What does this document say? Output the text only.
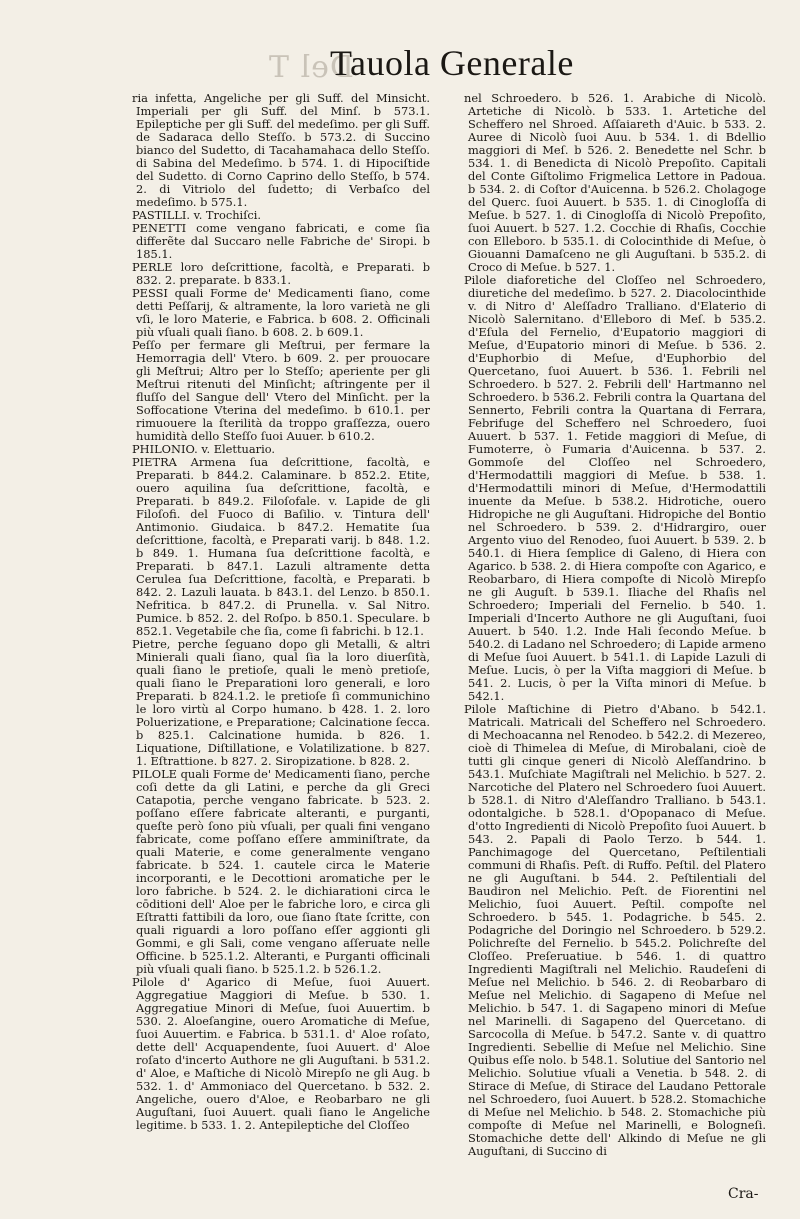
Del T
Tauola Generale

ria infetta, Angeliche per gli Suff. del Minsicht. Imperiali per gli Suff. del Minſ. b 573.1. Epileptiche per gli Suff. del medeſimo. per gli Suff. de Sadaraca dello Steſſo. b 573.2. di Succino bianco del Sudetto, di Tacahamahaca dello Steſſo. di Sabina del Medeſimo. b 574. 1. di Hipociſtide del Sudetto. di Corno Caprino dello Steſſo, b 574. 2. di Vitriolo del ſudetto; di Verbaſco del medeſimo. b 575.1.

PASTILLI. v. Trochiſci.

PENETTI come vengano fabricati, e come ſia differẽte dal Succaro nelle Fabriche de' Siropi. b 185.1.

PERLE loro deſcrittione, facoltà, e Preparati. b 832. 2. preparate. b 833.1.

PESSI quali Forme de' Medicamenti ſiano, come detti Peſſarij, & altramente, la loro varietà ne gli vſi, le loro Materie, e Fabrica. b 608. 2. Officinali più vſuali quali ſiano. b 608. 2. b 609.1.

Peſſo per fermare gli Meſtrui, per fermare la Hemorragia dell' Vtero. b 609. 2. per prouocare gli Meſtrui; Altro per lo Steſſo; aperiente per gli Meſtrui ritenuti del Minſicht; aſtringente per il fluſſo del Sangue dell' Vtero del Minſicht. per la Soffocatione Vterina del medeſimo. b 610.1. per rimuouere la ſterilità da troppo graſſezza, ouero humidità dello Steſſo ſuoi Auuer. b 610.2.

PHILONIO. v. Elettuario.

PIETRA Armena ſua deſcrittione, facoltà, e Preparati. b 844.2. Calaminare. b 852.2. Etite, ouero aquilina ſua deſcrittione, facoltà, e Preparati. b 849.2. Filoſofale. v. Lapide de gli Filoſofi. del Fuoco di Baſilio. v. Tintura dell' Antimonio. Giudaica. b 847.2. Hematite ſua deſcrittione, facoltà, e Preparati varij. b 848. 1.2. b 849. 1. Humana ſua deſcrittione facoltà, e Preparati. b 847.1. Lazuli altramente detta Cerulea ſua Deſcrittione, facoltà, e Preparati. b 842. 2. Lazuli lauata. b 843.1. del Lenzo. b 850.1. Nefritica. b 847.2. di Prunella. v. Sal Nitro. Pumice. b 852. 2. del Roſpo. b 850.1. Speculare. b 852.1. Vegetabile che ſia, come ſi fabrichi. b 12.1.

Pietre, perche ſeguano dopo gli Metalli, & altri Minierali quali ſiano, qual ſia la loro diuerſità, quali ſiano le pretioſe, quali le menò pretioſe, quali ſiano le Preparationi loro generali, e loro Preparati. b 824.1.2. le pretioſe ſi communichino le loro virtù al Corpo humano. b 428. 1. 2. loro Poluerizatione, e Preparatione; Calcinatione ſecca. b 825.1. Calcinatione humida. b 826. 1. Liquatione, Diſtillatione, e Volatilizatione. b 827. 1. Eſtrattione. b 827. 2. Siropizatione. b 828. 2.

PILOLE quali Forme de' Medicamenti ſiano, perche coſi dette da gli Latini, e perche da gli Greci Catapotia, perche vengano fabricate. b 523. 2. poſſano eſſere fabricate alteranti, e purganti, queſte però ſono più vſuali, per quali fini vengano fabricate, come poſſano eſſere amminiſtrate, da quali Materie, e come generalmente vengano fabricate. b 524. 1. cautele circa le Materie incorporanti, e le Decottioni aromatiche per le loro fabriche. b 524. 2. le dichiarationi circa le cōditioni dell' Aloe per le fabriche loro, e circa gli Eſtratti fattibili da loro, oue ſiano ſtate ſcritte, con quali riguardi a loro poſſano eſſer aggionti gli Gommi, e gli Sali, come vengano aſſeruate nelle Officine. b 525.1.2. Alteranti, e Purganti officinali più vſuali quali ſiano. b 525.1.2. b 526.1.2.

Pilole d' Agarico di Meſue, ſuoi Auuert. Aggregatiue Maggiori di Meſue. b 530. 1. Aggregatiue Minori di Meſue, ſuoi Auuertim. b 530. 2. Aloeſangine, ouero Aromatiche di Meſue, ſuoi Auuertim. e Fabrica. b 531.1. d' Aloe roſato, dette dell' Acquapendente, ſuoi Auuert. d' Aloe roſato d'incerto Authore ne gli Auguſtani. b 531.2. d' Aloe, e Maſtiche di Nicolò Mirepſo ne gli Aug. b 532. 1. d' Ammoniaco del Quercetano. b 532. 2. Angeliche, ouero d'Aloe, e Reobarbaro ne gli Auguſtani, ſuoi Auuert. quali ſiano le Angeliche legitime. b 533. 1. 2. Antepileptiche del Cloſſeo

nel Schroedero. b 526. 1. Arabiche di Nicolò. Artetiche di Nicolò. b 533. 1. Artetiche del Scheffero nel Shroed. Aſſaiareth d'Auic. b 533. 2. Auree di Nicolò ſuoi Auu. b 534. 1. di Bdellio maggiori di Meſ. b 526. 2. Benedette nel Schr. b 534. 1. di Benedicta di Nicolò Prepoſito. Capitali del Conte Giſtolimo Frigmelica Lettore in Padoua. b 534. 2. di Coſtor d'Auicenna. b 526.2. Cholagoge del Querc. ſuoi Auuert. b 535. 1. di Cinogloſſa di Meſue. b 527. 1. di Cinogloſſa di Nicolò Prepoſito, ſuoi Auuert. b 527. 1.2. Cocchie di Rhaſis, Cocchie con Elleboro. b 535.1. di Colocinthide di Meſue, ò Giouanni Damaſceno ne gli Auguſtani. b 535.2. di Croco di Meſue. b 527. 1.

Pilole diaforetiche del Cloſſeo nel Schroedero, diuretiche del medeſimo. b 527. 2. Diacolocinthide v. di Nitro d' Aleſſadro Tralliano. d'Elaterio di Nicolò Salernitano. d'Elleboro di Meſ. b 535.2. d'Eſula del Fernelio, d'Eupatorio maggiori di Meſue, d'Eupatorio minori di Meſue. b 536. 2. d'Euphorbio di Meſue, d'Euphorbio del Quercetano, ſuoi Auuert. b 536. 1. Febrili nel Schroedero. b 527. 2. Febrili dell' Hartmanno nel Schroedero. b 536.2. Febrili contra la Quartana del Sennerto, Febrili contra la Quartana di Ferrara, Febrifuge del Scheffero nel Schroedero, ſuoi Auuert. b 537. 1. Fetide maggiori di Meſue, di Fumoterre, ò Fumaria d'Auicenna. b 537. 2. Gommoſe del Cloſſeo nel Schroedero, d'Hermodattili maggiori di Meſue. b 538. 1. d'Hermodattili minori di Meſue, d'Hermodattili inuente da Meſue. b 538.2. Hidrotiche, ouero Hidropiche ne gli Auguſtani. Hidropiche del Bontio nel Schroedero. b 539. 2. d'Hidrargiro, ouer Argento viuo del Renodeo, ſuoi Auuert. b 539. 2. b 540.1. di Hiera ſemplice di Galeno, di Hiera con Agarico. b 538. 2. di Hiera compoſte con Agarico, e Reobarbaro, di Hiera compoſte di Nicolò Mirepſo ne gli Auguſt. b 539.1. Iliache del Rhaſis nel Schroedero; Imperiali del Fernelio. b 540. 1. Imperiali d'Incerto Authore ne gli Auguſtani, ſuoi Auuert. b 540. 1.2. Inde Hali ſecondo Meſue. b 540.2. di Ladano nel Schroedero; di Lapide armeno di Meſue ſuoi Auuert. b 541.1. di Lapide Lazuli di Meſue. Lucis, ò per la Viſta maggiori di Meſue. b 541. 2. Lucis, ò per la Viſta minori di Meſue. b 542.1.

Pilole Maſtichine di Pietro d'Abano. b 542.1. Matricali. Matricali del Scheffero nel Schroedero. di Mechoacanna nel Renodeo. b 542.2. di Mezereo, cioè di Thimelea di Meſue, di Mirobalani, cioè de tutti gli cinque generi di Nicolò Aleſſandrino. b 543.1. Muſchiate Magiſtrali nel Melichio. b 527. 2. Narcotiche del Platero nel Schroedero ſuoi Auuert. b 528.1. di Nitro d'Aleſſandro Tralliano. b 543.1. odontalgiche. b 528.1. d'Opopanaco di Meſue. d'otto Ingredienti di Nicolò Prepoſito ſuoi Auuert. b 543. 2. Papali di Paolo Terzo. b 544. 1. Panchimagoge del Quercetano, Peſtilentiali communi di Rhaſis. Peſt. di Ruffo. Peſtil. del Platero ne gli Auguſtani. b 544. 2. Peſtilentiali del Baudiron nel Melichio. Peſt. de Fiorentini nel Melichio, ſuoi Auuert. Peſtil. compoſte nel Schroedero. b 545. 1. Podagriche. b 545. 2. Podagriche del Doringio nel Schroedero. b 529.2. Polichreſte del Fernelio. b 545.2. Polichreſte del Cloſſeo. Preſeruatiue. b 546. 1. di quattro Ingredienti Magiſtrali nel Melichio. Raudeſeni di Meſue nel Melichio. b 546. 2. di Reobarbaro di Meſue nel Melichio. di Sagapeno di Meſue nel Melichio. b 547. 1. di Sagapeno minori di Meſue nel Marinelli. di Sagapeno del Quercetano. di Sarcocolla di Meſue. b 547.2. Sante v. di quattro Ingredienti. Sebellie di Meſue nel Melichio. Sine Quibus eſſe nolo. b 548.1. Solutiue del Santorio nel Melichio. Solutiue vſuali a Venetia. b 548. 2. di Stirace di Meſue, di Stirace del Laudano Pettorale nel Schroedero, ſuoi Auuert. b 528.2. Stomachiche di Meſue nel Melichio. b 548. 2. Stomachiche più compoſte di Meſue nel Marinelli, e Bologneſi. Stomachiche dette dell' Alkindo di Meſue ne gli Auguſtani, di Succino di

Cra-
